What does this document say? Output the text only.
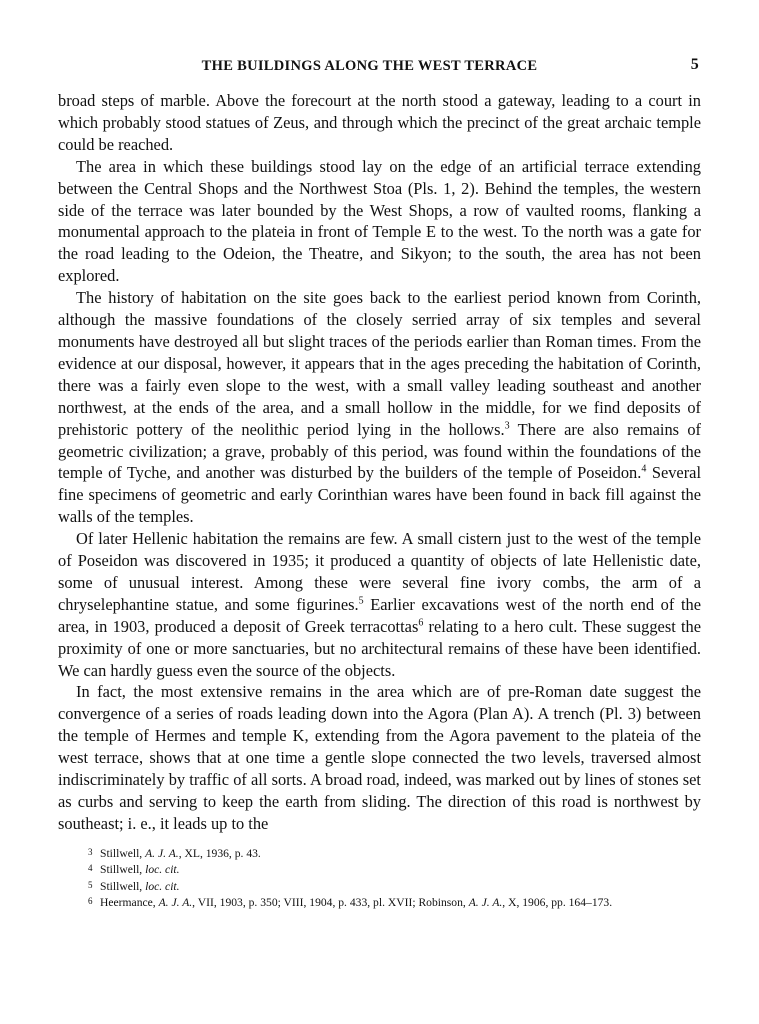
THE BUILDINGS ALONG THE WEST TERRACE	5

broad steps of marble. Above the forecourt at the north stood a gateway, leading to a court in which probably stood statues of Zeus, and through which the precinct of the great archaic temple could be reached.

The area in which these buildings stood lay on the edge of an artificial terrace extending between the Central Shops and the Northwest Stoa (Pls. 1, 2). Behind the temples, the western side of the terrace was later bounded by the West Shops, a row of vaulted rooms, flanking a monumental approach to the plateia in front of Temple E to the west. To the north was a gate for the road leading to the Odeion, the Theatre, and Sikyon; to the south, the area has not been explored.

The history of habitation on the site goes back to the earliest period known from Corinth, although the massive foundations of the closely serried array of six temples and several monuments have destroyed all but slight traces of the periods earlier than Roman times. From the evidence at our disposal, however, it appears that in the ages preceding the habitation of Corinth, there was a fairly even slope to the west, with a small valley leading southeast and another northwest, at the ends of the area, and a small hollow in the middle, for we find deposits of prehistoric pottery of the neolithic period lying in the hollows.$^3$ There are also remains of geometric civilization; a grave, probably of this period, was found within the foundations of the temple of Tyche, and another was disturbed by the builders of the temple of Poseidon.$^4$ Several fine specimens of geometric and early Corinthian wares have been found in back fill against the walls of the temples.

Of later Hellenic habitation the remains are few. A small cistern just to the west of the temple of Poseidon was discovered in 1935; it produced a quantity of objects of late Hellenistic date, some of unusual interest. Among these were several fine ivory combs, the arm of a chryselephantine statue, and some figurines.$^5$ Earlier excavations west of the north end of the area, in 1903, produced a deposit of Greek terracottas$^6$ relating to a hero cult. These suggest the proximity of one or more sanctuaries, but no architectural remains of these have been identified. We can hardly guess even the source of the objects.

In fact, the most extensive remains in the area which are of pre-Roman date suggest the convergence of a series of roads leading down into the Agora (Plan A). A trench (Pl. 3) between the temple of Hermes and temple K, extending from the Agora pavement to the plateia of the west terrace, shows that at one time a gentle slope connected the two levels, traversed almost indiscriminately by traffic of all sorts. A broad road, indeed, was marked out by lines of stones set as curbs and serving to keep the earth from sliding. The direction of this road is northwest by southeast; i. e., it leads up to the

3 Stillwell, A. J. A., XL, 1936, p. 43.
4 Stillwell, loc. cit.
5 Stillwell, loc. cit.
6 Heermance, A. J. A., VII, 1903, p. 350; VIII, 1904, p. 433, pl. XVII; Robinson, A. J. A., X, 1906, pp. 164–173.
